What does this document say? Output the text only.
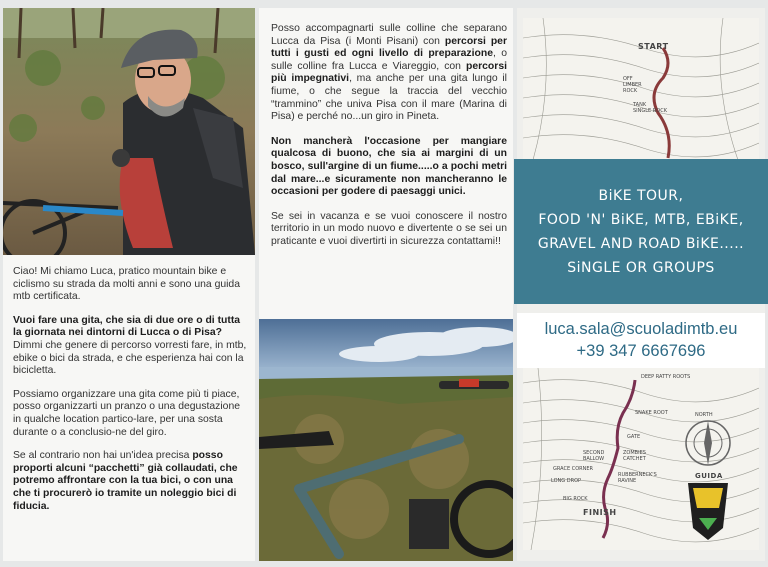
Ciao! Mi chiamo Luca, pratico mountain bike e ciclismo su strada da molti anni e sono una guida mtb certificata.

Vuoi fare una gita, che sia di due ore o di tutta la giornata nei dintorni di Lucca o di Pisa? Dimmi che genere di percorso vorresti fare, in mtb, ebike o bici da strada, e che esperienza hai con la bicicletta.

Possiamo organizzare una gita come più ti piace, posso organizzarti un pranzo o una degustazione in qualche location partico-lare, per una sosta durante o a conclusio-ne del giro.

Se al contrario non hai un'idea precisa posso proporti alcuni “pacchetti” già collaudati, che potremo affrontare con la tua bici, o con una che ti procurerò io tramite un noleggio bici di fiducia.

Posso accompagnarti sulle colline che separano Lucca da Pisa (i Monti Pisani) con percorsi per tutti i gusti ed ogni livello di preparazione, o sulle colline fra Lucca e Viareggio, con percorsi più impegnativi, ma anche per una gita lungo il fiume, o che segue la traccia del vecchio “trammino” che univa Pisa con il mare (Marina di Pisa) e perché no...un giro in Pineta.

Non mancherà l'occasione per mangiare qualcosa di buono, che sia ai margini di un bosco, sull'argine di un fiume.....o a pochi metri dal mare...e sicuramente non mancheranno le occasioni per godere di paesaggi unici.

Se sei in vacanza e se vuoi conoscere il nostro territorio in un modo nuovo e divertente o se sei un praticante e vuoi divertirti in sicurezza contattami!!

START
OFF
LIMBER
ROCK
TANK
SINGLE ROCK
BiKE TOUR,
FOOD 'N' BiKE, MTB, EBiKE,
GRAVEL AND ROAD BiKE.....
SiNGLE OR GROUPS
luca.sala@scuoladimtb.eu
+39 347 6667696
DEEP RATTY ROOTS
SNAKE ROOT
GATE
ZOMBIES
CATCHET
SECOND
BALLOW
GRACE CORNER
LONG DROP
BIG ROCK
RUBBERNECK'S
RAVINE
NORTH
FINISH
GUIDA
